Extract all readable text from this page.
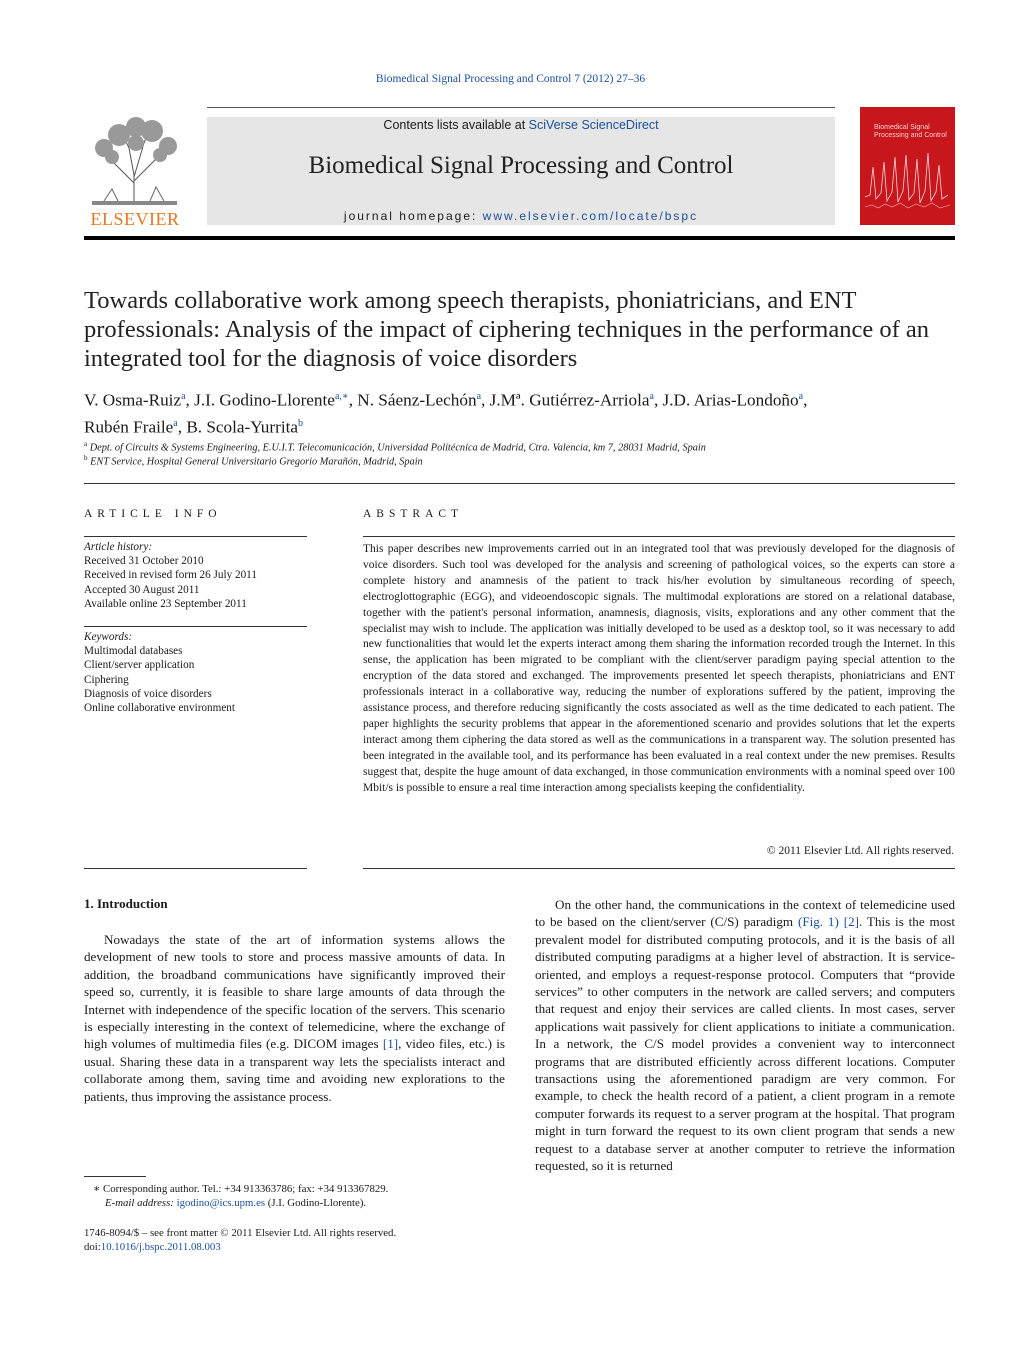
Biomedical Signal Processing and Control 7 (2012) 27–36
ELSEVIER
Contents lists available at SciVerse ScienceDirect
Biomedical Signal Processing and Control
journal homepage: www.elsevier.com/locate/bspc
Biomedical Signal Processing and Control
Towards collaborative work among speech therapists, phoniatricians, and ENT professionals: Analysis of the impact of ciphering techniques in the performance of an integrated tool for the diagnosis of voice disorders
V. Osma-Ruiz$^a$, J.I. Godino-Llorente$^{a,∗}$, N. Sáenz-Lechón$^a$, J.Mª. Gutiérrez-Arriola$^a$, J.D. Arias-Londoño$^a$,
Rubén Fraile$^a$, B. Scola-Yurrita$^b$
$^a$ Dept. of Circuits & Systems Engineering, E.U.I.T. Telecomunicación, Universidad Politécnica de Madrid, Ctra. Valencia, km 7, 28031 Madrid, Spain
$^b$ ENT Service, Hospital General Universitario Gregorio Marañón, Madrid, Spain
ARTICLE INFO
Article history:
Received 31 October 2010
Received in revised form 26 July 2011
Accepted 30 August 2011
Available online 23 September 2011
Keywords:
Multimodal databases
Client/server application
Ciphering
Diagnosis of voice disorders
Online collaborative environment
ABSTRACT
This paper describes new improvements carried out in an integrated tool that was previously developed for the diagnosis of voice disorders. Such tool was developed for the analysis and screening of pathological voices, so the experts can store a complete history and anamnesis of the patient to track his/her evolution by simultaneous recording of speech, electroglottographic (EGG), and videoendoscopic signals. The multimodal explorations are stored on a relational database, together with the patient's personal information, anamnesis, diagnosis, visits, explorations and any other comment that the specialist may wish to include. The application was initially developed to be used as a desktop tool, so it was necessary to add new functionalities that would let the experts interact among them sharing the information recorded trough the Internet. In this sense, the application has been migrated to be compliant with the client/server paradigm paying special attention to the encryption of the data stored and exchanged. The improvements presented let speech therapists, phoniatricians and ENT professionals interact in a collaborative way, reducing the number of explorations suffered by the patient, improving the assistance process, and therefore reducing significantly the costs associated as well as the time dedicated to each patient. The paper highlights the security problems that appear in the aforementioned scenario and provides solutions that let the experts interact among them ciphering the data stored as well as the communications in a transparent way. The solution presented has been integrated in the available tool, and its performance has been evaluated in a real context under the new premises. Results suggest that, despite the huge amount of data exchanged, in those communication environments with a nominal speed over 100 Mbit/s is possible to ensure a real time interaction among specialists keeping the confidentiality.
© 2011 Elsevier Ltd. All rights reserved.
1. Introduction

Nowadays the state of the art of information systems allows the development of new tools to store and process massive amounts of data. In addition, the broadband communications have significantly improved their speed so, currently, it is feasible to share large amounts of data through the Internet with independence of the specific location of the servers. This scenario is especially interesting in the context of telemedicine, where the exchange of high volumes of multimedia files (e.g. DICOM images [1], video files, etc.) is usual. Sharing these data in a transparent way lets the specialists interact and collaborate among them, saving time and avoiding new explorations to the patients, thus improving the assistance process.

On the other hand, the communications in the context of telemedicine used to be based on the client/server (C/S) paradigm (Fig. 1) [2]. This is the most prevalent model for distributed computing protocols, and it is the basis of all distributed computing paradigms at a higher level of abstraction. It is service-oriented, and employs a request-response protocol. Computers that “provide services” to other computers in the network are called servers; and computers that request and enjoy their services are called clients. In most cases, server applications wait passively for client applications to initiate a communication. In a network, the C/S model provides a convenient way to interconnect programs that are distributed efficiently across different locations. Computer transactions using the aforementioned paradigm are very common. For example, to check the health record of a patient, a client program in a remote computer forwards its request to a server program at the hospital. That program might in turn forward the request to its own client program that sends a new request to a database server at another computer to retrieve the information requested, so it is returned

∗ Corresponding author. Tel.: +34 913363786; fax: +34 913367829.
E-mail address: igodino@ics.upm.es (J.I. Godino-Llorente).
1746-8094/$ – see front matter © 2011 Elsevier Ltd. All rights reserved.
doi:10.1016/j.bspc.2011.08.003
